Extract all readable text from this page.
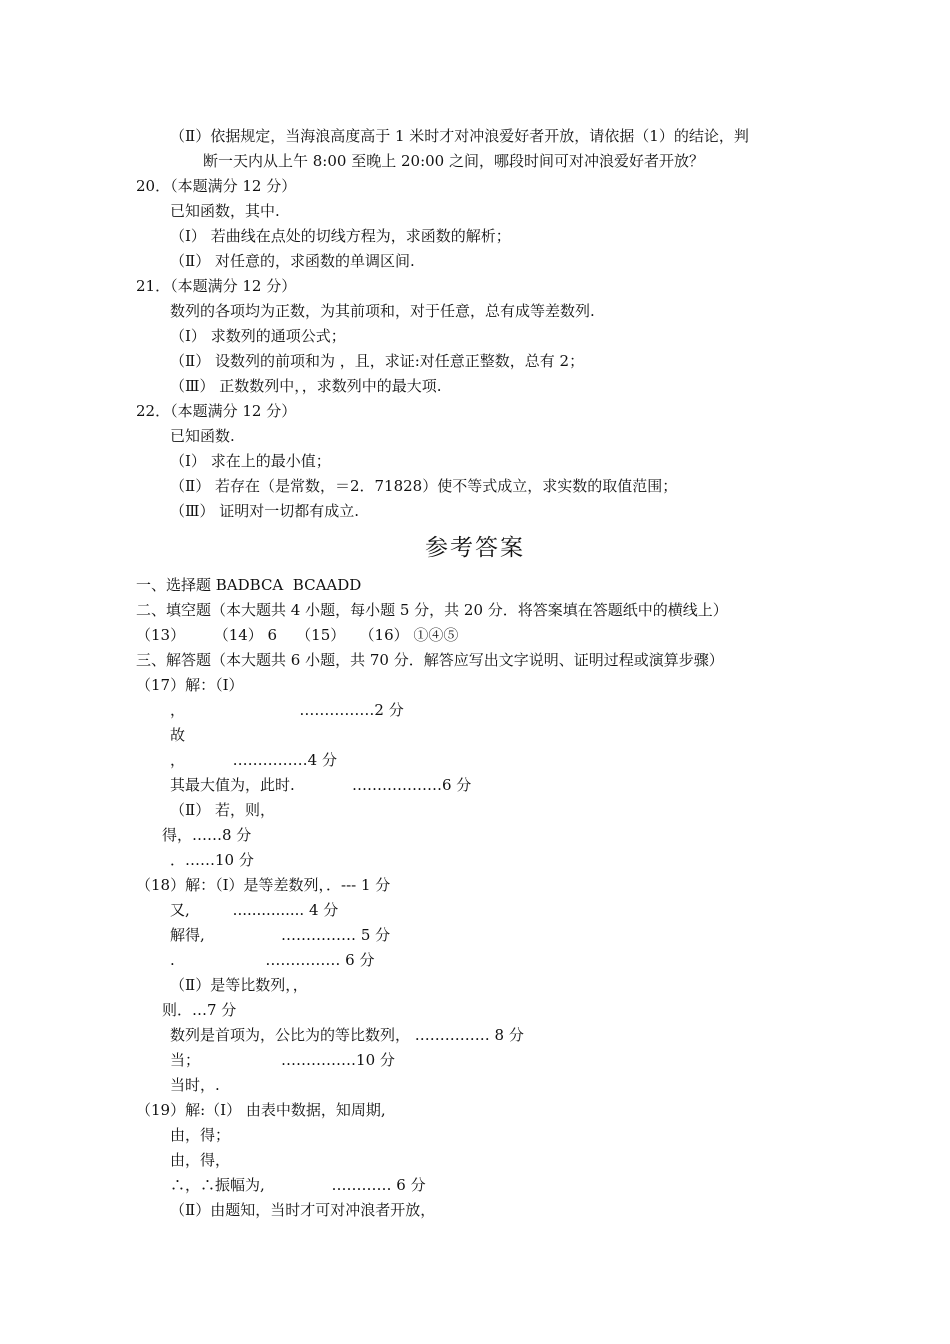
（Ⅱ）依据规定，当海浪高度高于 1 米时才对冲浪爱好者开放，请依据（1）的结论，判
断一天内从上午 8:00 至晚上 20:00 之间，哪段时间可对冲浪爱好者开放？
20．（本题满分 12 分）
已知函数，其中.
（Ⅰ） 若曲线在点处的切线方程为，求函数的解析；
（Ⅱ） 对任意的，求函数的单调区间.
21．（本题满分 12 分）
数列的各项均为正数，为其前项和，对于任意，总有成等差数列.
（Ⅰ） 求数列的通项公式；
（Ⅱ） 设数列的前项和为 ，且，求证:对任意正整数，总有 2；
（Ⅲ） 正数数列中，，求数列中的最大项.
22．（本题满分 12 分）
已知函数.
（Ⅰ） 求在上的最小值；
（Ⅱ） 若存在（是常数，＝2．71828）使不等式成立，求实数的取值范围；
（Ⅲ） 证明对一切都有成立.
参考答案
一、选择题 BADBCA  BCAADD
二、填空题（本大题共 4 小题，每小题 5 分，共 20 分．将答案填在答题纸中的横线上）
（13）      （14） 6    （15）   （16） ①④⑤
三、解答题（本大题共 6 小题，共 70 分．解答应写出文字说明、证明过程或演算步骤）
（17）解：（Ⅰ）
，                        ……………2 分
故
，          ……………4 分
其最大值为，此时.            ………………6 分
（Ⅱ） 若，则，
得，……8 分
．……10 分
（18）解：（Ⅰ）是等差数列，．--- 1 分
又,         ............... 4 分
解得,                …………… 5 分
.                   …………… 6 分
（Ⅱ）是等比数列，，
则．…7 分
数列是首项为，公比为的等比数列， …………… 8 分
当；                 ……………10 分
当时，.
（19）解:（Ⅰ） 由表中数据，知周期,
由，得；
由，得，
∴，∴振幅为,              ………… 6 分
（Ⅱ）由题知，当时才可对冲浪者开放，
